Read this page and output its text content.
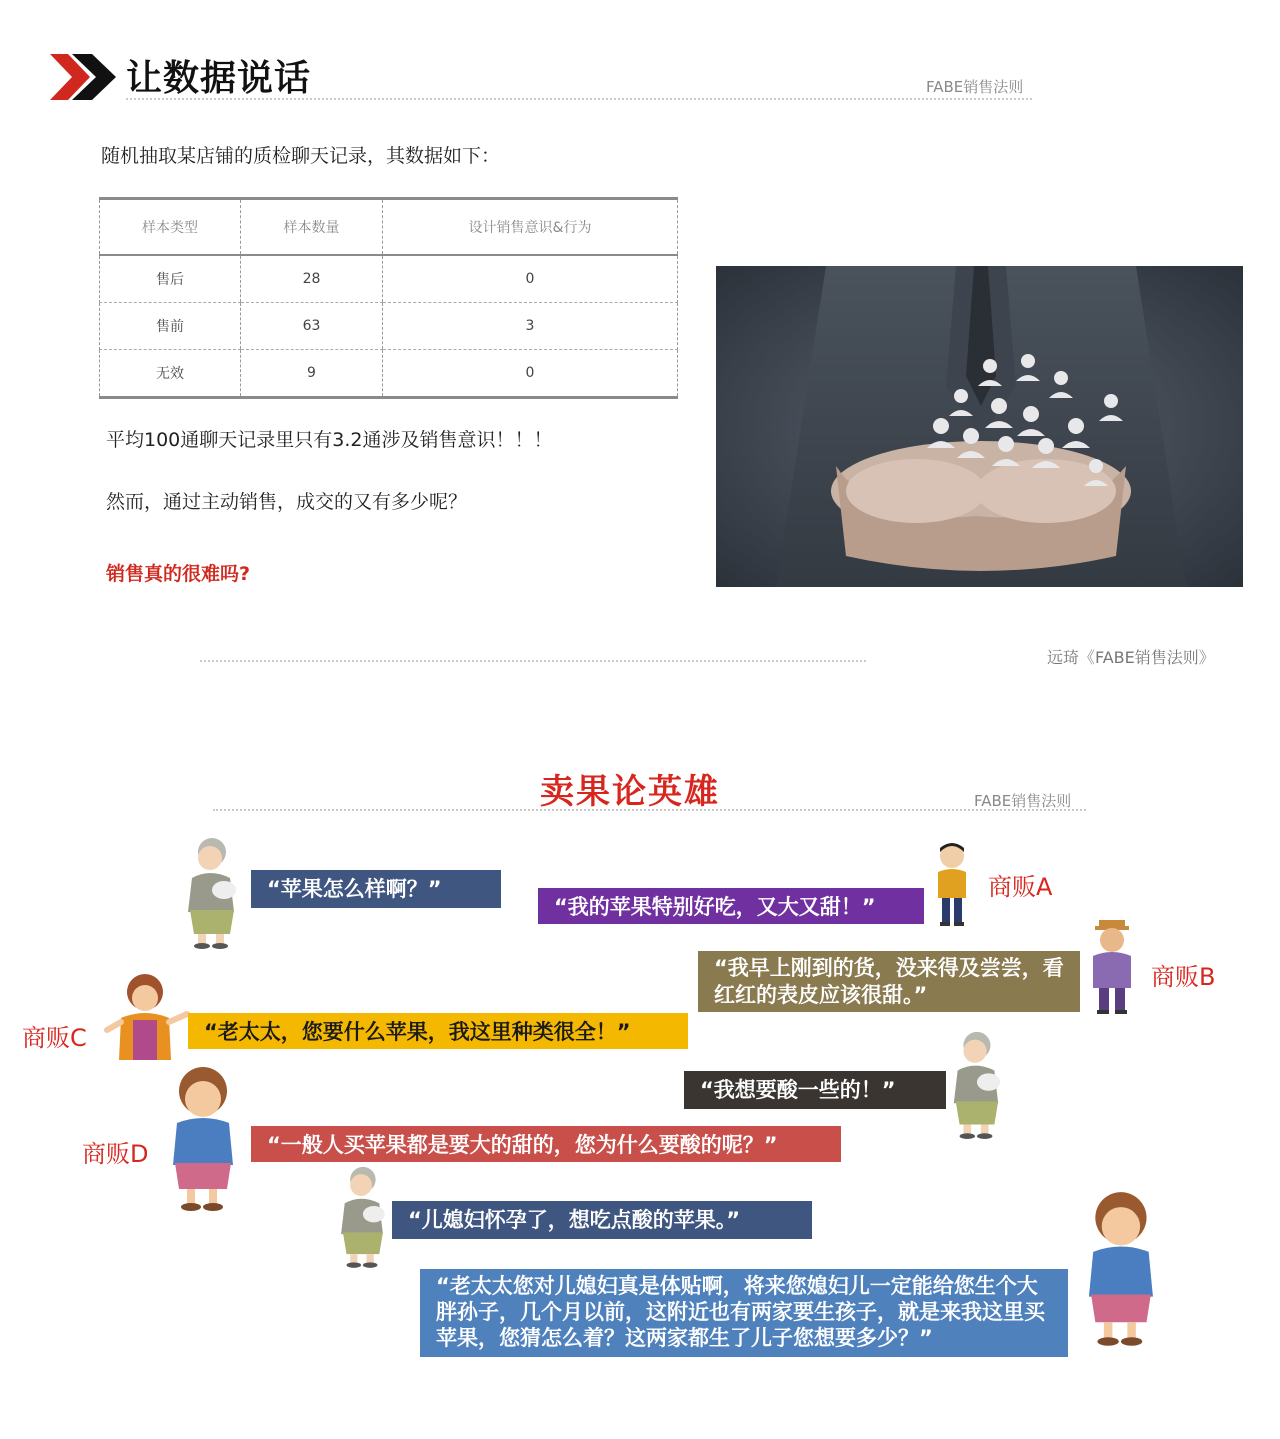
让数据说话	FABE销售法则
随机抽取某店铺的质检聊天记录，其数据如下：
样本类型	样本数量	设计销售意识&行为
售后	28	0
售前	63	3
无效	9	0
平均100通聊天记录里只有3.2通涉及销售意识！！！
然而，通过主动销售，成交的又有多少呢？
销售真的很难吗?
远琦《FABE销售法则》
卖果论英雄	FABE销售法则
商贩A
商贩B
商贩C
商贩D
“苹果怎么样啊？”
“我的苹果特别好吃，又大又甜！”
“我早上刚到的货，没来得及尝尝，看红红的表皮应该很甜。”
“老太太，您要什么苹果，我这里种类很全！”
“我想要酸一些的！”
“一般人买苹果都是要大的甜的，您为什么要酸的呢？”
“儿媳妇怀孕了，想吃点酸的苹果。”
“老太太您对儿媳妇真是体贴啊，将来您媳妇儿一定能给您生个大胖孙子，几个月以前，这附近也有两家要生孩子，就是来我这里买苹果，您猜怎么着？这两家都生了儿子您想要多少？”
